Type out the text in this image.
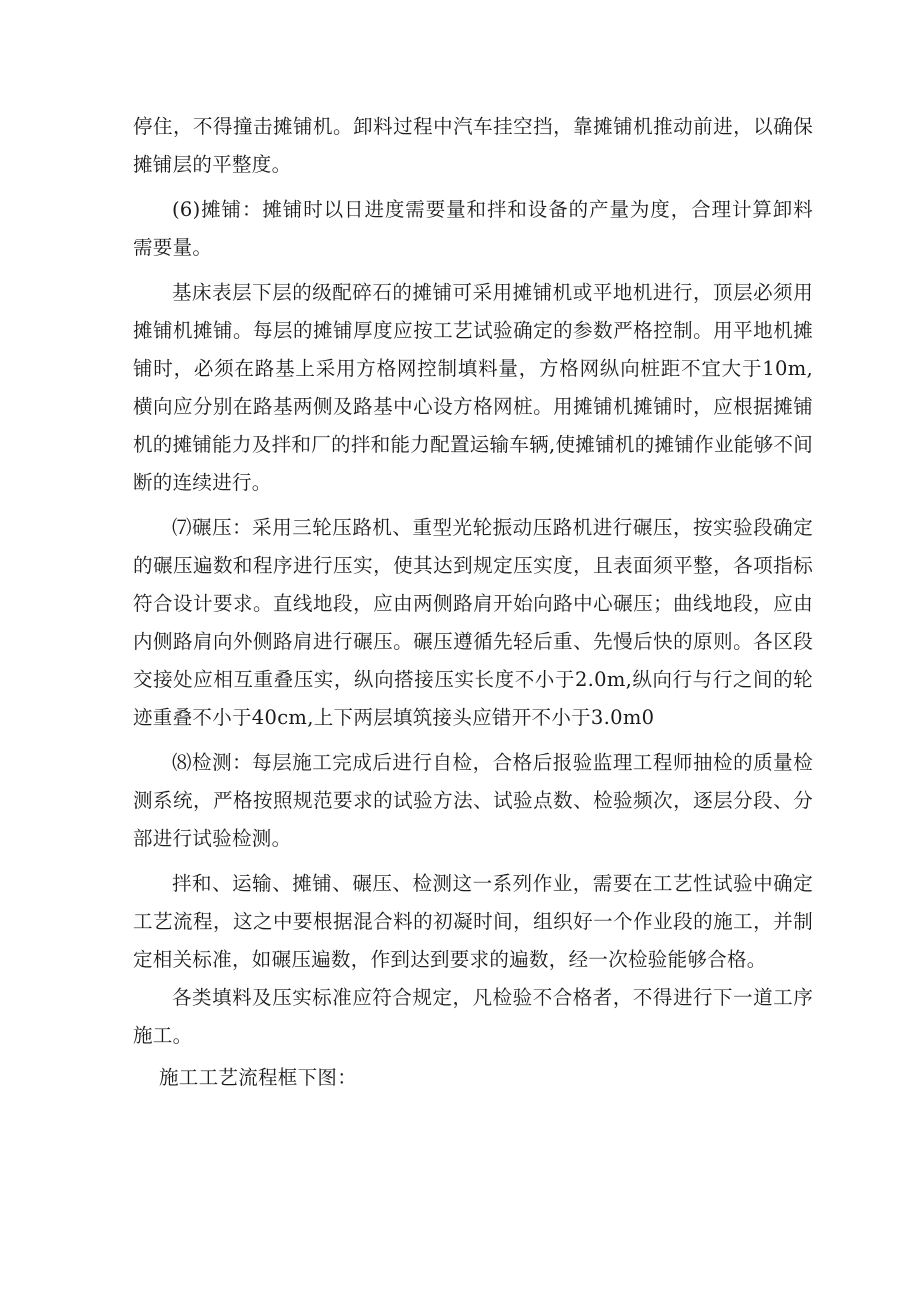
停住，不得撞击摊铺机。卸料过程中汽车挂空挡，靠摊铺机推动前进，以确保摊铺层的平整度。

(6)摊铺：摊铺时以日进度需要量和拌和设备的产量为度，合理计算卸料需要量。

基床表层下层的级配碎石的摊铺可采用摊铺机或平地机进行，顶层必须用摊铺机摊铺。每层的摊铺厚度应按工艺试验确定的参数严格控制。用平地机摊铺时，必须在路基上采用方格网控制填料量，方格网纵向桩距不宜大于10m,横向应分别在路基两侧及路基中心设方格网桩。用摊铺机摊铺时，应根据摊铺机的摊铺能力及拌和厂的拌和能力配置运输车辆,使摊铺机的摊铺作业能够不间断的连续进行。

⑺碾压：采用三轮压路机、重型光轮振动压路机进行碾压，按实验段确定的碾压遍数和程序进行压实，使其达到规定压实度，且表面须平整，各项指标符合设计要求。直线地段，应由两侧路肩开始向路中心碾压；曲线地段，应由内侧路肩向外侧路肩进行碾压。碾压遵循先轻后重、先慢后快的原则。各区段交接处应相互重叠压实，纵向搭接压实长度不小于2.0m,纵向行与行之间的轮迹重叠不小于40cm,上下两层填筑接头应错开不小于3.0m0

⑻检测：每层施工完成后进行自检，合格后报验监理工程师抽检的质量检测系统，严格按照规范要求的试验方法、试验点数、检验频次，逐层分段、分部进行试验检测。

拌和、运输、摊铺、碾压、检测这一系列作业，需要在工艺性试验中确定工艺流程，这之中要根据混合料的初凝时间，组织好一个作业段的施工，并制定相关标准，如碾压遍数，作到达到要求的遍数，经一次检验能够合格。

各类填料及压实标准应符合规定，凡检验不合格者，不得进行下一道工序施工。

施工工艺流程框下图：
